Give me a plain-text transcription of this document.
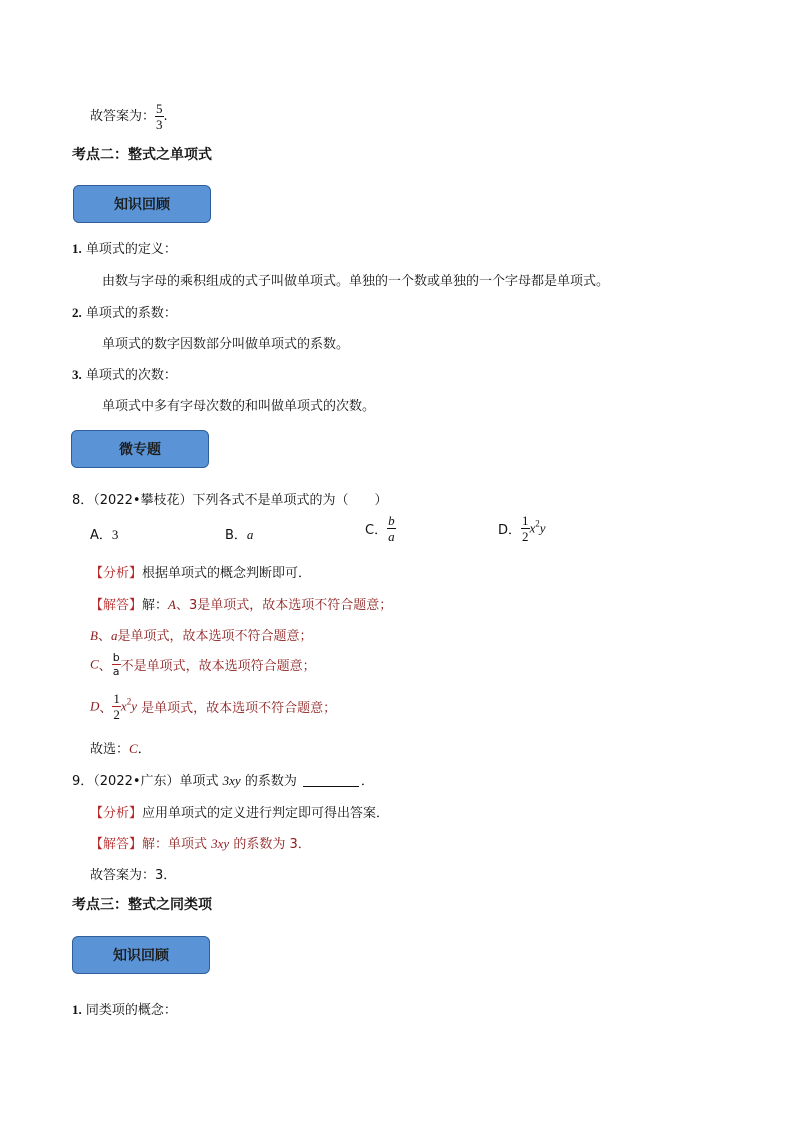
故答案为： $\frac{5}{3}$ .
考点二：整式之单项式
知识回顾
1. 单项式的定义：
由数与字母的乘积组成的式子叫做单项式。单独的一个数或单独的一个字母都是单项式。
2. 单项式的系数：
单项式的数字因数部分叫做单项式的系数。
3. 单项式的次数：
单项式中多有字母次数的和叫做单项式的次数。
微专题
8．（2022•攀枝花）下列各式不是单项式的为（　　）
A．3	B．a	C． $\frac{b}{a}$	D． $\frac{1}{2} x^2y$
【分析】根据单项式的概念判断即可．
【解答】解：A、3是单项式，故本选项不符合题意；
B、a是单项式，故本选项不符合题意；
C、 $\frac{b}{a}$ 不是单项式，故本选项符合题意；
D、 $\frac{1}{2} x^2y$ 是单项式，故本选项不符合题意；
故选：C．
9．（2022•广东）单项式 3xy 的系数为	．
【分析】应用单项式的定义进行判定即可得出答案．
【解答】解：单项式 3xy 的系数为 3．
故答案为：3．
考点三：整式之同类项
知识回顾
1. 同类项的概念：
